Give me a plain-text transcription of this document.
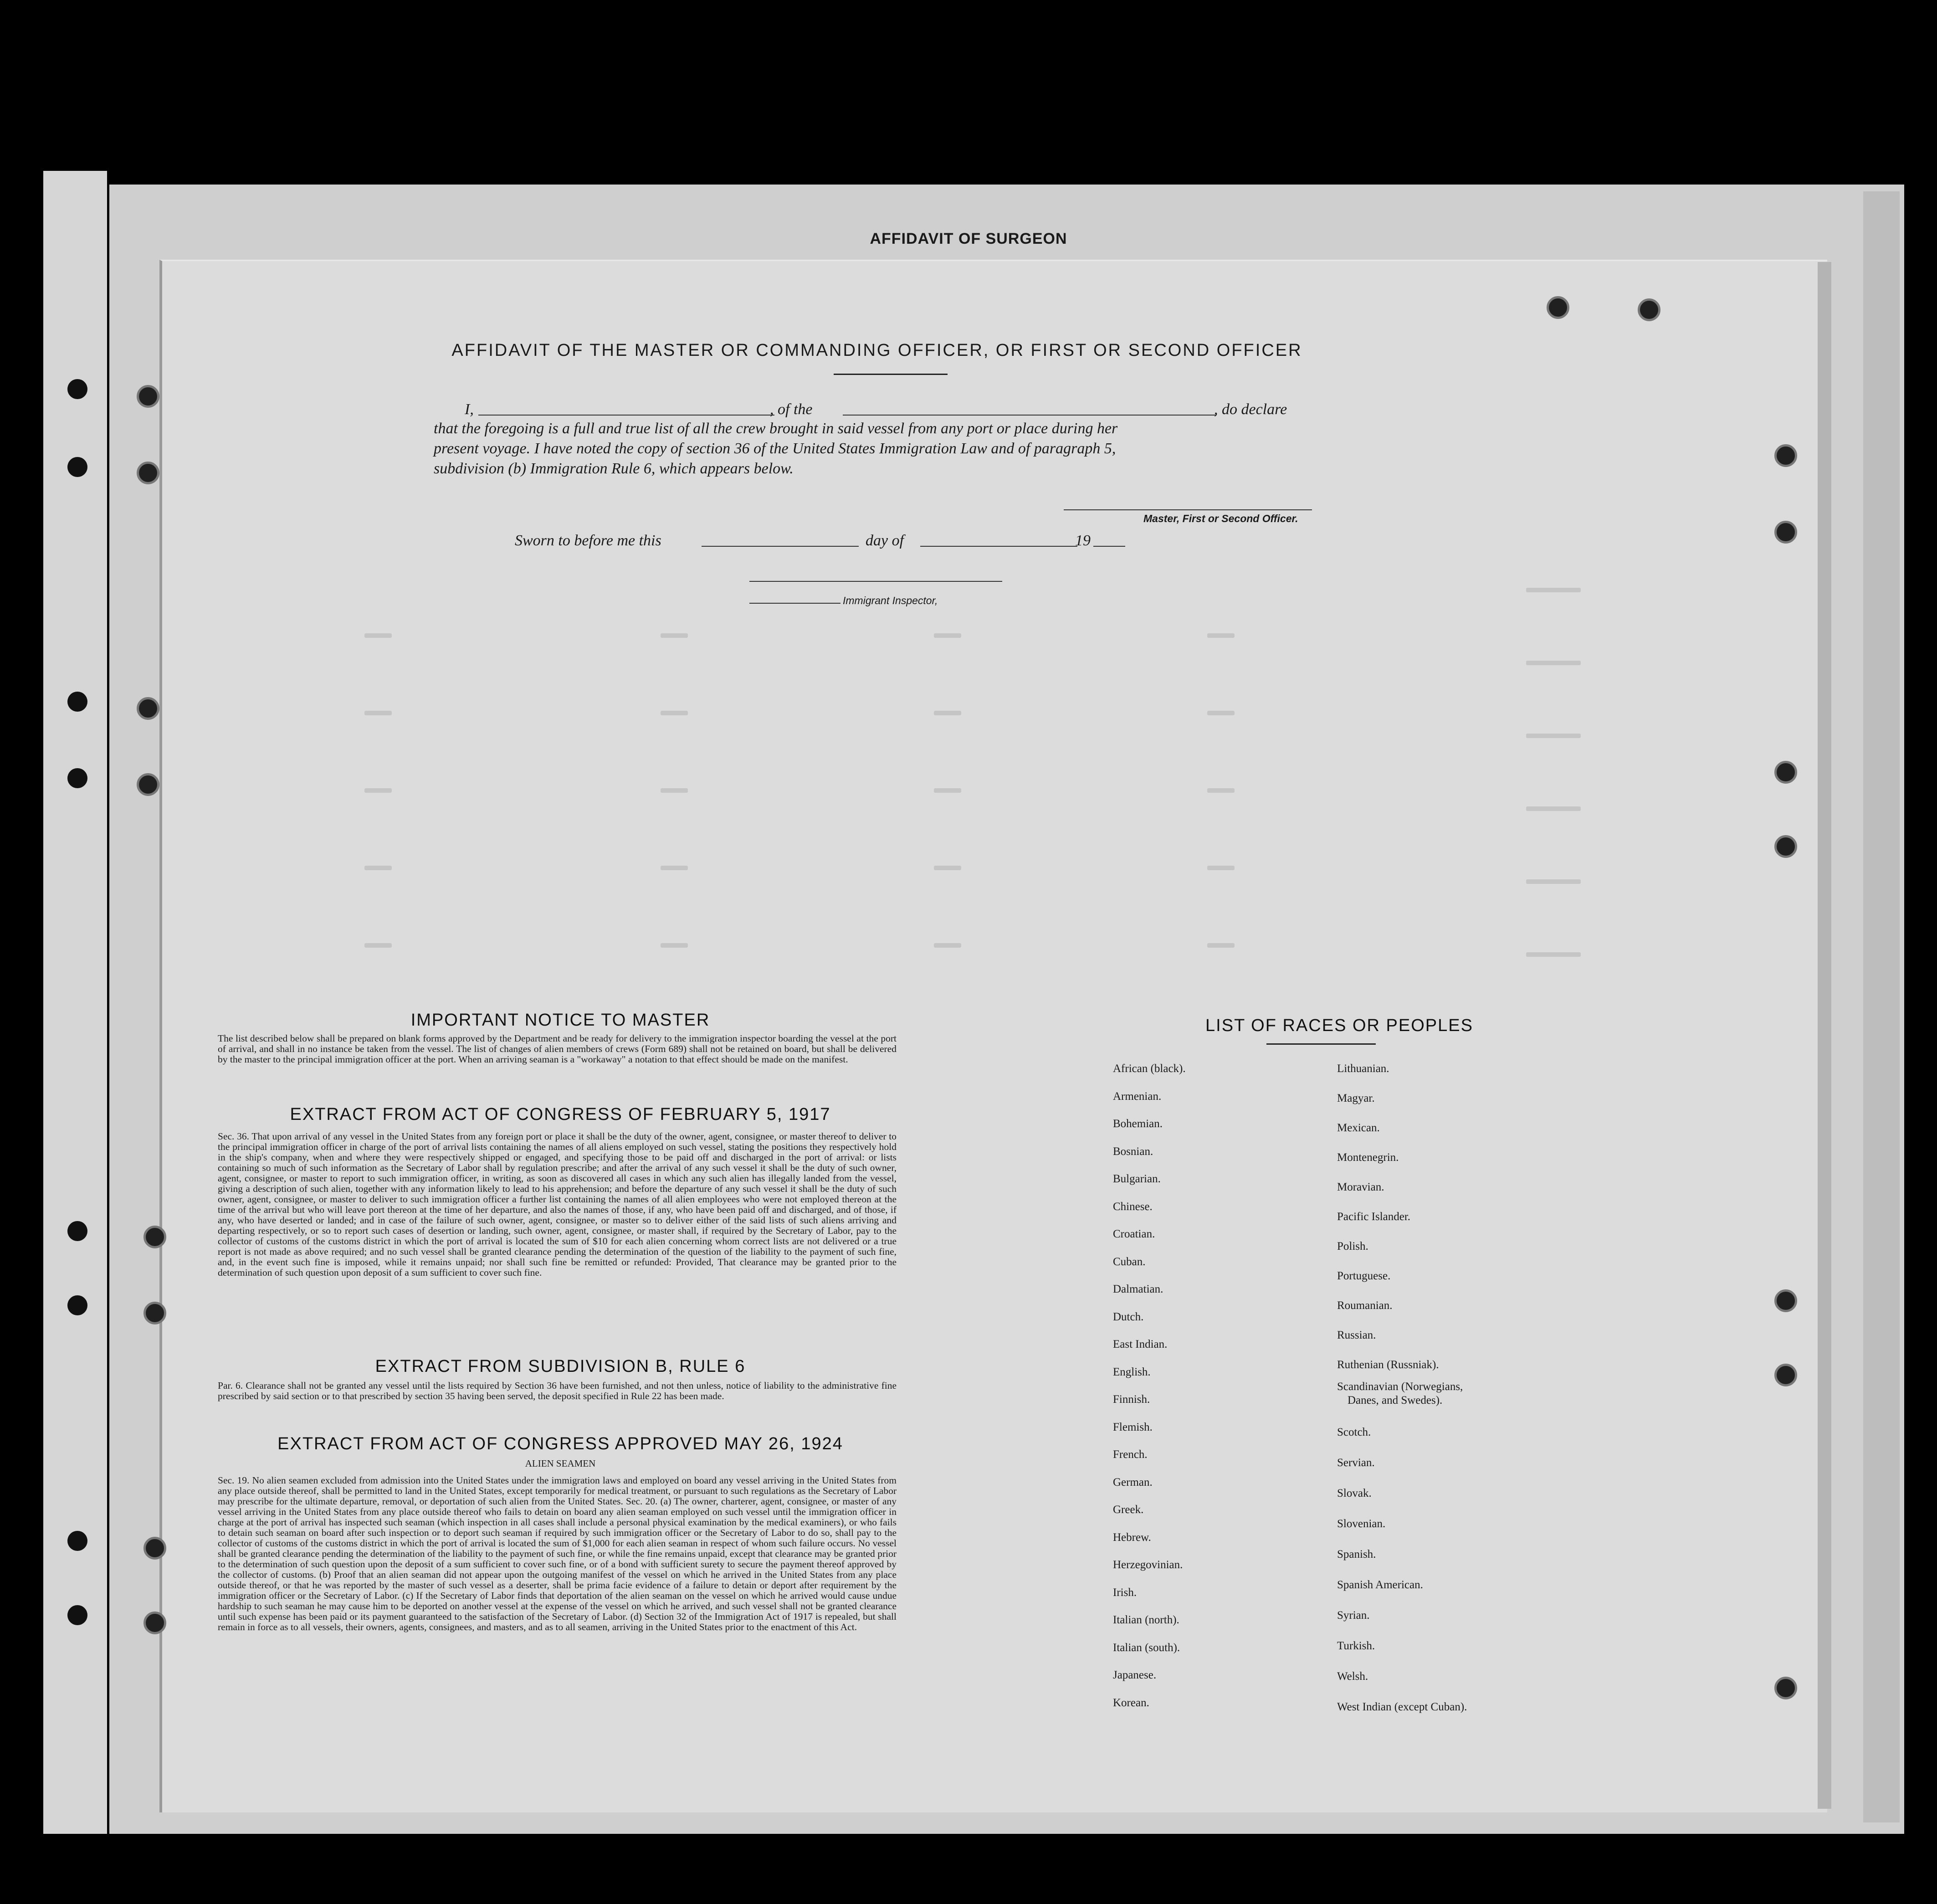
AFFIDAVIT OF SURGEON
AFFIDAVIT OF THE MASTER OR COMMANDING OFFICER, OR FIRST OR SECOND OFFICER
I,	, of the	, do declare
that the foregoing is a full and true list of all the crew brought in said vessel from any port or place during her
present voyage. I have noted the copy of section 36 of the United States Immigration Law and of paragraph 5,
subdivision (b) Immigration Rule 6, which appears below.
Master, First or Second Officer.
Sworn to before me this	day of	19
Immigrant Inspector,
IMPORTANT NOTICE TO MASTER
The list described below shall be prepared on blank forms approved by the Department and be ready for delivery to the immigration inspector boarding the vessel at the port of arrival, and shall in no instance be taken from the vessel. The list of changes of alien members of crews (Form 689) shall not be retained on board, but shall be delivered by the master to the principal immigration officer at the port. When an arriving seaman is a "workaway" a notation to that effect should be made on the manifest.
EXTRACT FROM ACT OF CONGRESS OF FEBRUARY 5, 1917
Sec. 36. That upon arrival of any vessel in the United States from any foreign port or place it shall be the duty of the owner, agent, consignee, or master thereof to deliver to the principal immigration officer in charge of the port of arrival lists containing the names of all aliens employed on such vessel, stating the positions they respectively hold in the ship's company, when and where they were respectively shipped or engaged, and specifying those to be paid off and discharged in the port of arrival: or lists containing so much of such information as the Secretary of Labor shall by regulation prescribe; and after the arrival of any such vessel it shall be the duty of such owner, agent, consignee, or master to report to such immigration officer, in writing, as soon as discovered all cases in which any such alien has illegally landed from the vessel, giving a description of such alien, together with any information likely to lead to his apprehension; and before the departure of any such vessel it shall be the duty of such owner, agent, consignee, or master to deliver to such immigration officer a further list containing the names of all alien employees who were not employed thereon at the time of the arrival but who will leave port thereon at the time of her departure, and also the names of those, if any, who have been paid off and discharged, and of those, if any, who have deserted or landed; and in case of the failure of such owner, agent, consignee, or master so to deliver either of the said lists of such aliens arriving and departing respectively, or so to report such cases of desertion or landing, such owner, agent, consignee, or master shall, if required by the Secretary of Labor, pay to the collector of customs of the customs district in which the port of arrival is located the sum of $10 for each alien concerning whom correct lists are not delivered or a true report is not made as above required; and no such vessel shall be granted clearance pending the determination of the question of the liability to the payment of such fine, and, in the event such fine is imposed, while it remains unpaid; nor shall such fine be remitted or refunded: Provided, That clearance may be granted prior to the determination of such question upon deposit of a sum sufficient to cover such fine.
EXTRACT FROM SUBDIVISION B, RULE 6
Par. 6. Clearance shall not be granted any vessel until the lists required by Section 36 have been furnished, and not then unless, notice of liability to the administrative fine prescribed by said section or to that prescribed by section 35 having been served, the deposit specified in Rule 22 has been made.
EXTRACT FROM ACT OF CONGRESS APPROVED MAY 26, 1924
ALIEN SEAMEN
Sec. 19. No alien seamen excluded from admission into the United States under the immigration laws and employed on board any vessel arriving in the United States from any place outside thereof, shall be permitted to land in the United States, except temporarily for medical treatment, or pursuant to such regulations as the Secretary of Labor may prescribe for the ultimate departure, removal, or deportation of such alien from the United States. Sec. 20. (a) The owner, charterer, agent, consignee, or master of any vessel arriving in the United States from any place outside thereof who fails to detain on board any alien seaman employed on such vessel until the immigration officer in charge at the port of arrival has inspected such seaman (which inspection in all cases shall include a personal physical examination by the medical examiners), or who fails to detain such seaman on board after such inspection or to deport such seaman if required by such immigration officer or the Secretary of Labor to do so, shall pay to the collector of customs of the customs district in which the port of arrival is located the sum of $1,000 for each alien seaman in respect of whom such failure occurs. No vessel shall be granted clearance pending the determination of the liability to the payment of such fine, or while the fine remains unpaid, except that clearance may be granted prior to the determination of such question upon the deposit of a sum sufficient to cover such fine, or of a bond with sufficient surety to secure the payment thereof approved by the collector of customs. (b) Proof that an alien seaman did not appear upon the outgoing manifest of the vessel on which he arrived in the United States from any place outside thereof, or that he was reported by the master of such vessel as a deserter, shall be prima facie evidence of a failure to detain or deport after requirement by the immigration officer or the Secretary of Labor. (c) If the Secretary of Labor finds that deportation of the alien seaman on the vessel on which he arrived would cause undue hardship to such seaman he may cause him to be deported on another vessel at the expense of the vessel on which he arrived, and such vessel shall not be granted clearance until such expense has been paid or its payment guaranteed to the satisfaction of the Secretary of Labor. (d) Section 32 of the Immigration Act of 1917 is repealed, but shall remain in force as to all vessels, their owners, agents, consignees, and masters, and as to all seamen, arriving in the United States prior to the enactment of this Act.
LIST OF RACES OR PEOPLES
African (black).
Armenian.
Bohemian.
Bosnian.
Bulgarian.
Chinese.
Croatian.
Cuban.
Dalmatian.
Dutch.
East Indian.
English.
Finnish.
Flemish.
French.
German.
Greek.
Hebrew.
Herzegovinian.
Irish.
Italian (north).
Italian (south).
Japanese.
Korean.
Lithuanian.
Magyar.
Mexican.
Montenegrin.
Moravian.
Pacific Islander.
Polish.
Portuguese.
Roumanian.
Russian.
Ruthenian (Russniak).
Scandinavian (Norwegians,
Danes, and Swedes).
Scotch.
Servian.
Slovak.
Slovenian.
Spanish.
Spanish American.
Syrian.
Turkish.
Welsh.
West Indian (except Cuban).
